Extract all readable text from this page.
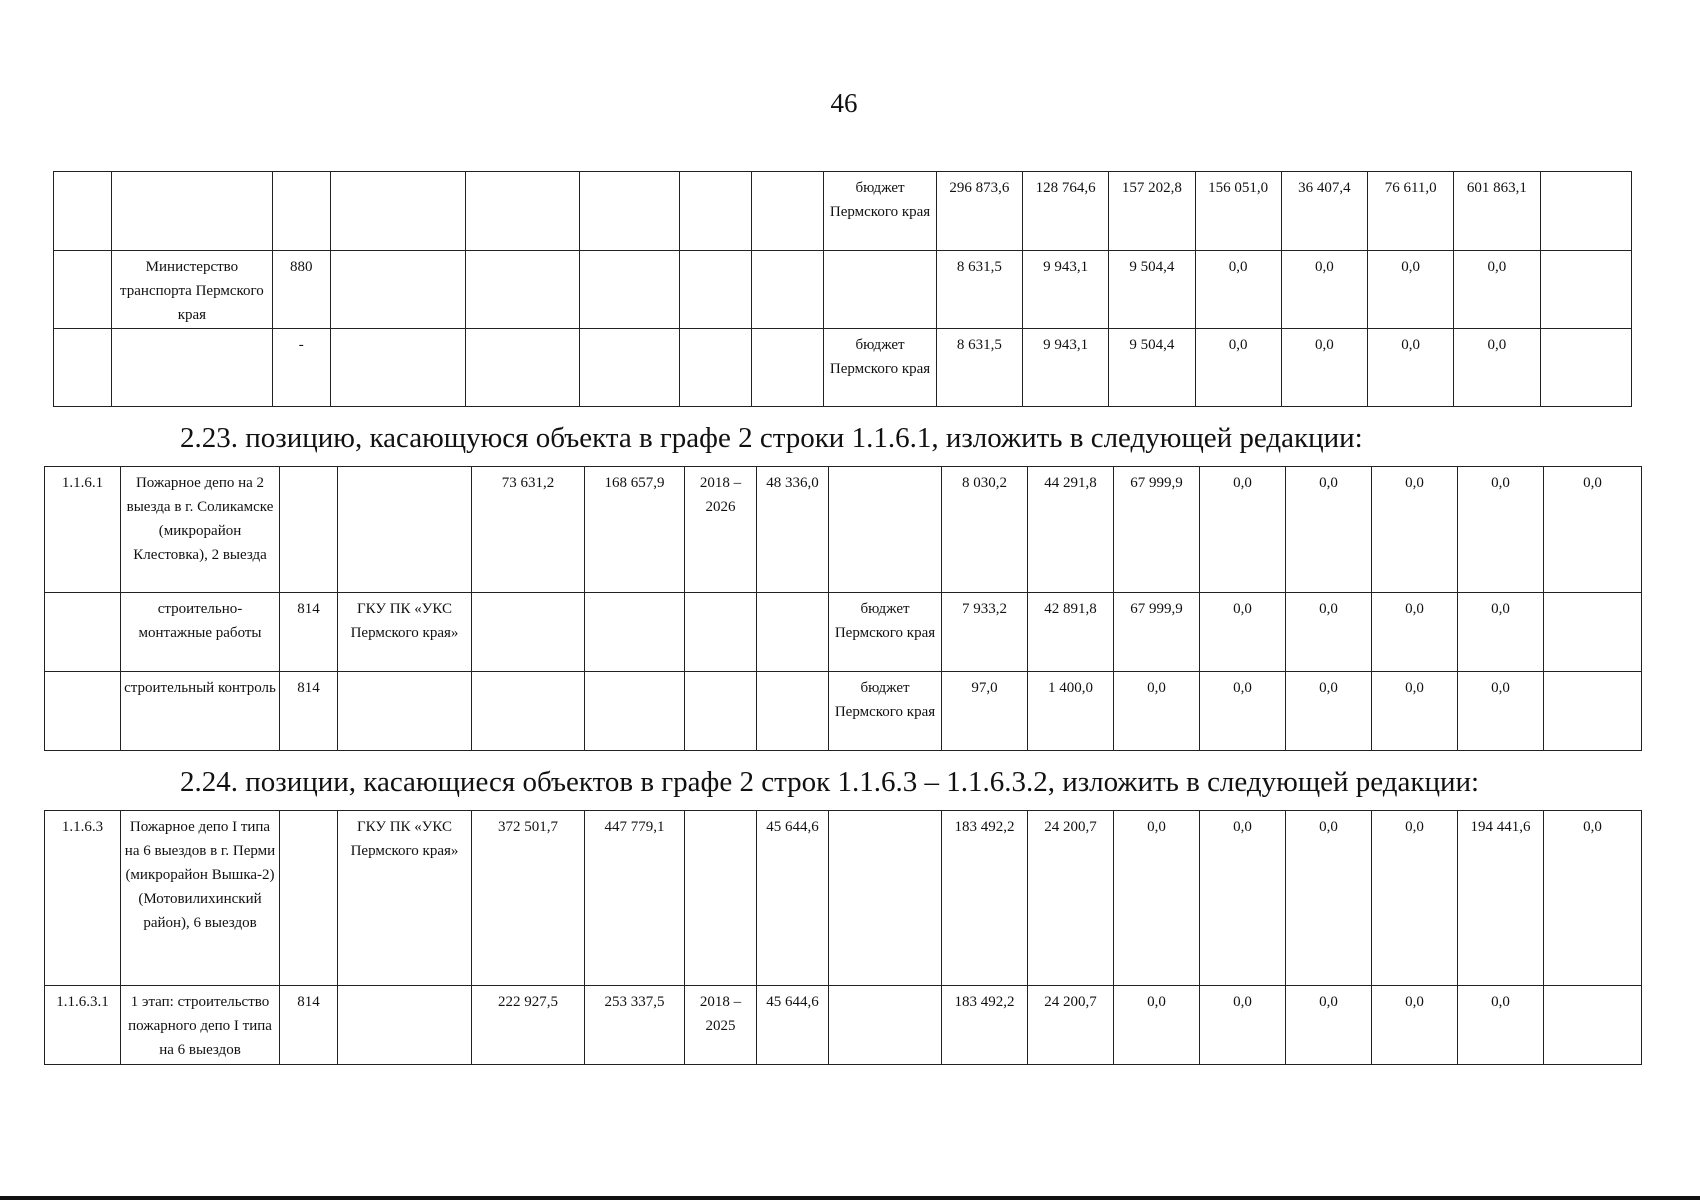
46
								бюджет Пермского края	296 873,6	128 764,6	157 202,8	156 051,0	36 407,4	76 611,0	601 863,1	
	Министерство транспорта Пермского края	880							8 631,5	9 943,1	9 504,4	0,0	0,0	0,0	0,0	
		-						бюджет Пермского края	8 631,5	9 943,1	9 504,4	0,0	0,0	0,0	0,0	
2.23. позицию, касающуюся объекта в графе 2 строки 1.1.6.1, изложить в следующей редакции:
1.1.6.1	Пожарное депо на 2 выезда в г. Соликамске (микрорайон Клестовка), 2 выезда			73 631,2	168 657,9	2018 – 2026	48 336,0		8 030,2	44 291,8	67 999,9	0,0	0,0	0,0	0,0	0,0
	строительно-монтажные работы	814	ГКУ ПК «УКС Пермского края»					бюджет Пермского края	7 933,2	42 891,8	67 999,9	0,0	0,0	0,0	0,0	
	строительный контроль	814						бюджет Пермского края	97,0	1 400,0	0,0	0,0	0,0	0,0	0,0	
2.24. позиции, касающиеся объектов в графе 2 строк 1.1.6.3 – 1.1.6.3.2, изложить в следующей редакции:
1.1.6.3	Пожарное депо I типа на 6 выездов в г. Перми (микрорайон Вышка-2) (Мотовилихинский район), 6 выездов		ГКУ ПК «УКС Пермского края»	372 501,7	447 779,1		45 644,6		183 492,2	24 200,7	0,0	0,0	0,0	0,0	194 441,6	0,0
1.1.6.3.1	1 этап: строительство пожарного депо I типа на 6 выездов	814		222 927,5	253 337,5	2018 – 2025	45 644,6		183 492,2	24 200,7	0,0	0,0	0,0	0,0	0,0	
